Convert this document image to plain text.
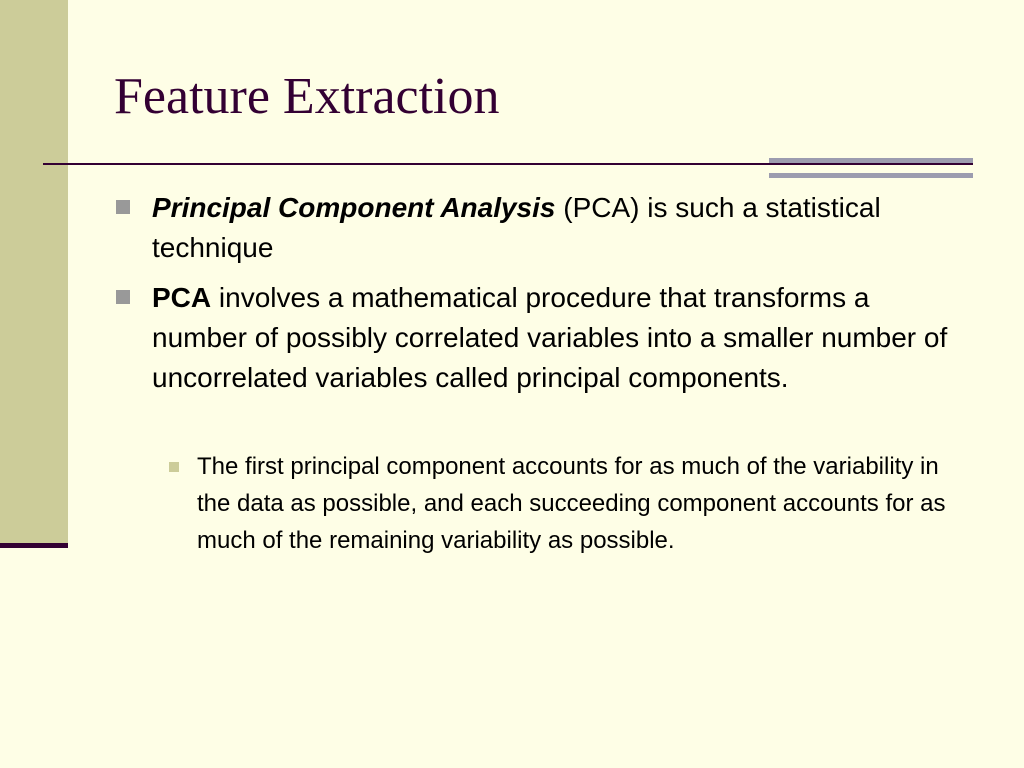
Feature Extraction
Principal Component Analysis (PCA) is such a statistical technique
PCA involves a mathematical procedure that transforms a number of possibly correlated variables into a smaller number of uncorrelated variables called principal components.
The first principal component accounts for as much of the variability in the data as possible, and each succeeding component accounts for as much of the remaining variability as possible.
